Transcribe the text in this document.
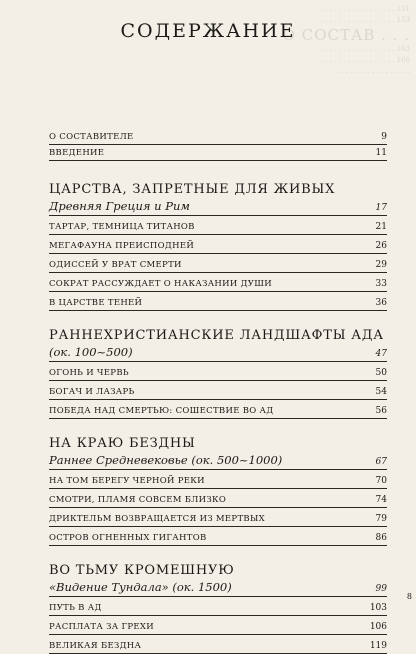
. . . . . . . . . . . . . . . . . 151
. . . . . . . . . . . . . . . . . 153
О СОСТАВ . . .
. . . . . . . . . . . . . . . . . 163
. . . . . . . . . . . . . . . . . 166
. . . . . . . . . . . . . . . . .
СОДЕРЖАНИЕ
О СОСТАВИТЕЛЕ	9
ВВЕДЕНИЕ	11
ЦАРСТВА, ЗАПРЕТНЫЕ ДЛЯ ЖИВЫХ
Древняя Греция и Рим	17
ТАРТАР, ТЕМНИЦА ТИТАНОВ	21
МЕГАФАУНА ПРЕИСПОДНЕЙ	26
ОДИССЕЙ У ВРАТ СМЕРТИ	29
СОКРАТ РАССУЖДАЕТ О НАКАЗАНИИ ДУШИ	33
В ЦАРСТВЕ ТЕНЕЙ	36
РАННЕХРИСТИАНСКИЕ ЛАНДШАФТЫ АДА
(ок. 100~500)	47
ОГОНЬ И ЧЕРВЬ	50
БОГАЧ И ЛАЗАРЬ	54
ПОБЕДА НАД СМЕРТЬЮ: СОШЕСТВИЕ ВО АД	56
НА КРАЮ БЕЗДНЫ
Раннее Средневековье (ок. 500~1000)	67
НА ТОМ БЕРЕГУ ЧЕРНОЙ РЕКИ	70
СМОТРИ, ПЛАМЯ СОВСЕМ БЛИЗКО	74
ДРИКТЕЛЬМ ВОЗВРАЩАЕТСЯ ИЗ МЕРТВЫХ	79
ОСТРОВ ОГНЕННЫХ ГИГАНТОВ	86
ВО ТЬМУ КРОМЕШНУЮ
«Видение Тундала» (ок. 1500)	99
ПУТЬ В АД	103
РАСПЛАТА ЗА ГРЕХИ	106
ВЕЛИКАЯ БЕЗДНА	119
8
